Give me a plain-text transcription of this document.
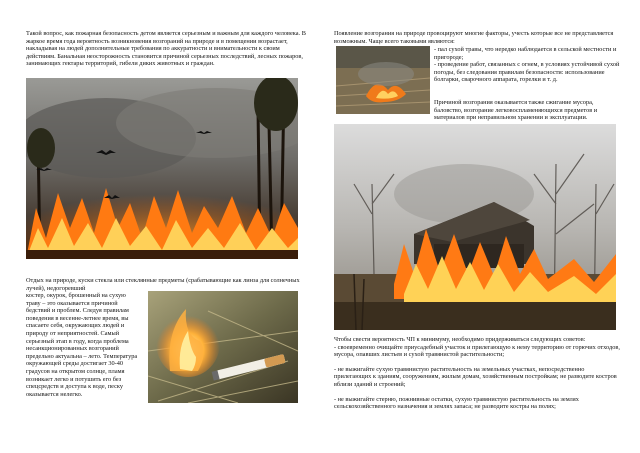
Такой вопрос, как пожарная безопасность детом является серьезным и важным для каждого человека. В жаркое время года вероятность возникновения возгораний на природе и в помещении возрастает, накладывая на людей дополнительные требования по аккуратности и внимательности к своим действиям. Банальная неосторожность становится причиной серьезных последствий, лесных пожаров, занимающих гектары территорий, гибели диких животных и граждан.

Отдых на природе, куски стекла или стеклянные предметы (срабатывающие как линза для солнечных лучей), недогоревший

костер, окурок, брошенный на сухую траву – это оказывается причиной бедствий и проблем. Следуя правилам поведения в весенне-летнее время, вы спасаете себя, окружающих людей и природу от неприятностей. Самый серьезный этап в году, когда проблема несанкционированных возгораний предельно актуальна – лето. Температура окружающей среды достигает 30-40 градусов на открытом солнце, пламя возникает легко и потушить его без спецсредств и доступа к воде, песку оказывается нелегко.

Появление возгорания на природе провоцируют многие факторы, учесть которые все не представляется возможным. Чаще всего таковыми являются:

- пал сухой травы, что нередко наблюдается в сельской местности и пригороде;

- проведение работ, связанных с огнем, в условиях устойчивой сухой погоды, без следования правилам безопасности: использование болгарки, сварочного аппарата, горелки и т. д.

Причиной возгорания оказывается также сжигание мусора, баловство, возгорание легковоспламеняющихся предметов и материалов при неправильном хранении и эксплуатации.

Чтобы свести вероятность ЧП к минимуму, необходимо придерживаться следующих советов:

- своевременно очищайте приусадебный участок и прилегающую к нему территорию от горючих отходов, мусора, опавших листьев и сухой травянистой растительности;

- не выжигайте сухую травянистую растительность на земельных участках, непосредственно прилегающих к зданиям, сооружениям, жилым домам, хозяйственным постройкам; не разводите костров вблизи зданий и строений;

- не выжигайте стерню, пожнивные остатки, сухую травянистую растительность на землях сельскохозяйственного назначения и землях запаса; не разводите костры на полях;
